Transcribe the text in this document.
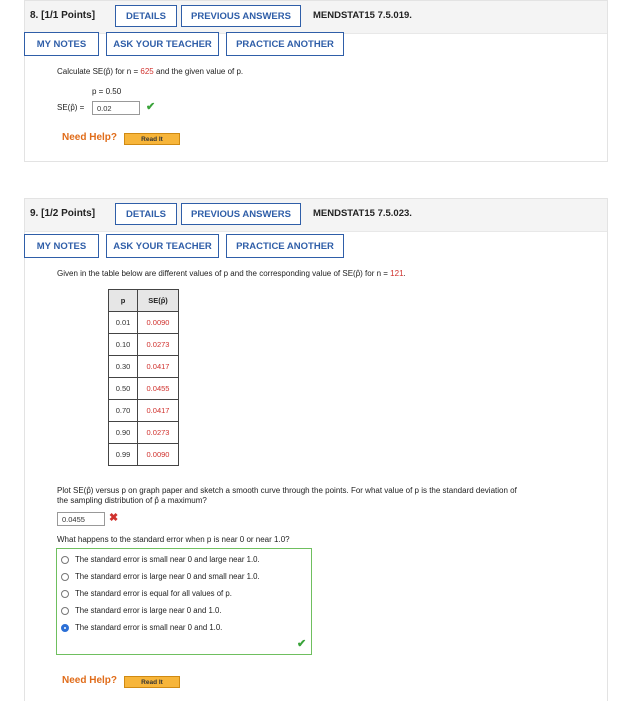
8. [1/1 Points]	DETAILS	PREVIOUS ANSWERS	MENDSTAT15 7.5.019.
MY NOTES	ASK YOUR TEACHER	PRACTICE ANOTHER
Calculate SE(p̂) for n = 625 and the given value of p.
p = 0.50
SE(p̂) =	0.02	✔
Need Help?	Read It
9. [1/2 Points]	DETAILS	PREVIOUS ANSWERS	MENDSTAT15 7.5.023.
MY NOTES	ASK YOUR TEACHER	PRACTICE ANOTHER
Given in the table below are different values of p and the corresponding value of SE(p̂) for n = 121.
p	SE(p̂)
0.01	0.0090
0.10	0.0273
0.30	0.0417
0.50	0.0455
0.70	0.0417
0.90	0.0273
0.99	0.0090
Plot SE(p̂) versus p on graph paper and sketch a smooth curve through the points. For what value of p is the standard deviation of
the sampling distribution of p̂ a maximum?
0.0455	✖
What happens to the standard error when p is near 0 or near 1.0?
The standard error is small near 0 and large near 1.0.
The standard error is large near 0 and small near 1.0.
The standard error is equal for all values of p.
The standard error is large near 0 and 1.0.
The standard error is small near 0 and 1.0.
✔
Need Help?	Read It
